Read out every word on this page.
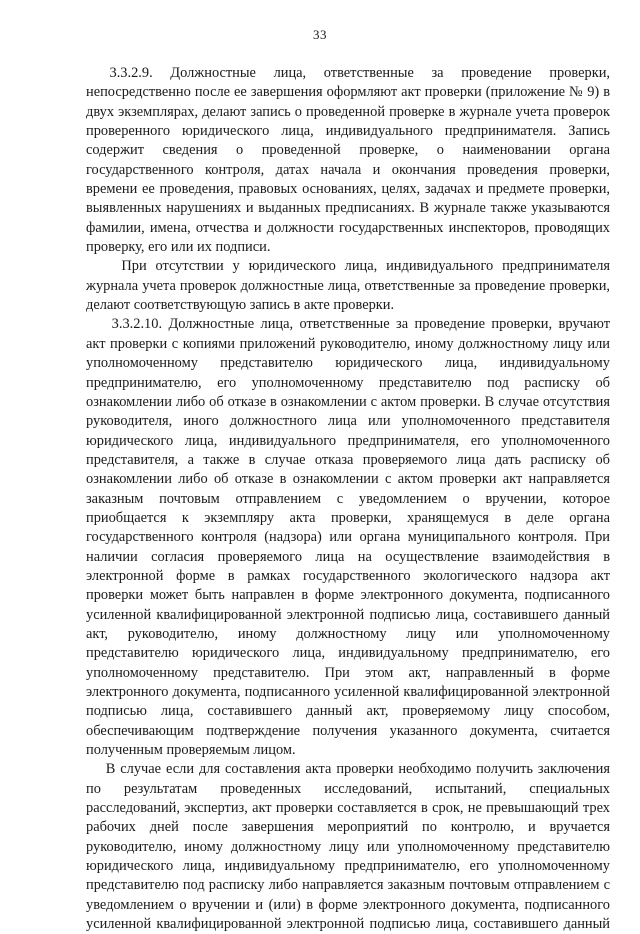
33
3.3.2.9.   Должностные   лица,   ответственные   за   проведение   проверки,
непосредственно после ее завершения оформляют акт проверки (приложение № 9) в
двух экземплярах, делают запись о проведенной проверке в журнале учета проверок
проверенного юридического лица, индивидуального предпринимателя. Запись
содержит сведения о проведенной проверке, о наименовании органа
государственного контроля, датах начала и окончания проведения проверки,
времени ее проведения, правовых основаниях, целях, задачах и предмете проверки,
выявленных нарушениях и выданных предписаниях. В журнале также указываются
фамилии, имена, отчества и должности государственных инспекторов, проводящих
проверку, его или их подписи.
При отсутствии у юридического лица, индивидуального предпринимателя
журнала учета проверок должностные лица, ответственные за проведение проверки,
делают соответствующую запись в акте проверки.
3.3.2.10. Должностные лица, ответственные за проведение проверки, вручают
акт проверки с копиями приложений руководителю, иному должностному лицу или
уполномоченному представителю юридического лица, индивидуальному
предпринимателю, его уполномоченному представителю под расписку об
ознакомлении либо об отказе в ознакомлении с актом проверки. В случае отсутствия
руководителя, иного должностного лица или уполномоченного представителя
юридического лица, индивидуального предпринимателя, его уполномоченного
представителя, а также в случае отказа проверяемого лица дать расписку об
ознакомлении либо об отказе в ознакомлении с актом проверки акт направляется
заказным почтовым отправлением с уведомлением о вручении, которое
приобщается к экземпляру акта проверки, хранящемуся в деле органа
государственного контроля (надзора) или органа муниципального контроля. При
наличии согласия проверяемого лица на осуществление взаимодействия в
электронной форме в рамках государственного экологического надзора акт
проверки может быть направлен в форме электронного документа, подписанного
усиленной квалифицированной электронной подписью лица, составившего данный
акт, руководителю, иному должностному лицу или уполномоченному
представителю юридического лица, индивидуальному предпринимателю, его
уполномоченному представителю. При этом акт, направленный в форме
электронного документа, подписанного усиленной квалифицированной электронной
подписью лица, составившего данный акт, проверяемому лицу способом,
обеспечивающим подтверждение получения указанного документа, считается
полученным проверяемым лицом.
В случае если для составления акта проверки необходимо получить заключения
по результатам проведенных исследований, испытаний, специальных
расследований, экспертиз, акт проверки составляется в срок, не превышающий трех
рабочих дней после завершения мероприятий по контролю, и вручается
руководителю, иному должностному лицу или уполномоченному представителю
юридического лица, индивидуальному предпринимателю, его уполномоченному
представителю под расписку либо направляется заказным почтовым отправлением с
уведомлением о вручении и (или) в форме электронного документа, подписанного
усиленной квалифицированной электронной подписью лица, составившего данный
